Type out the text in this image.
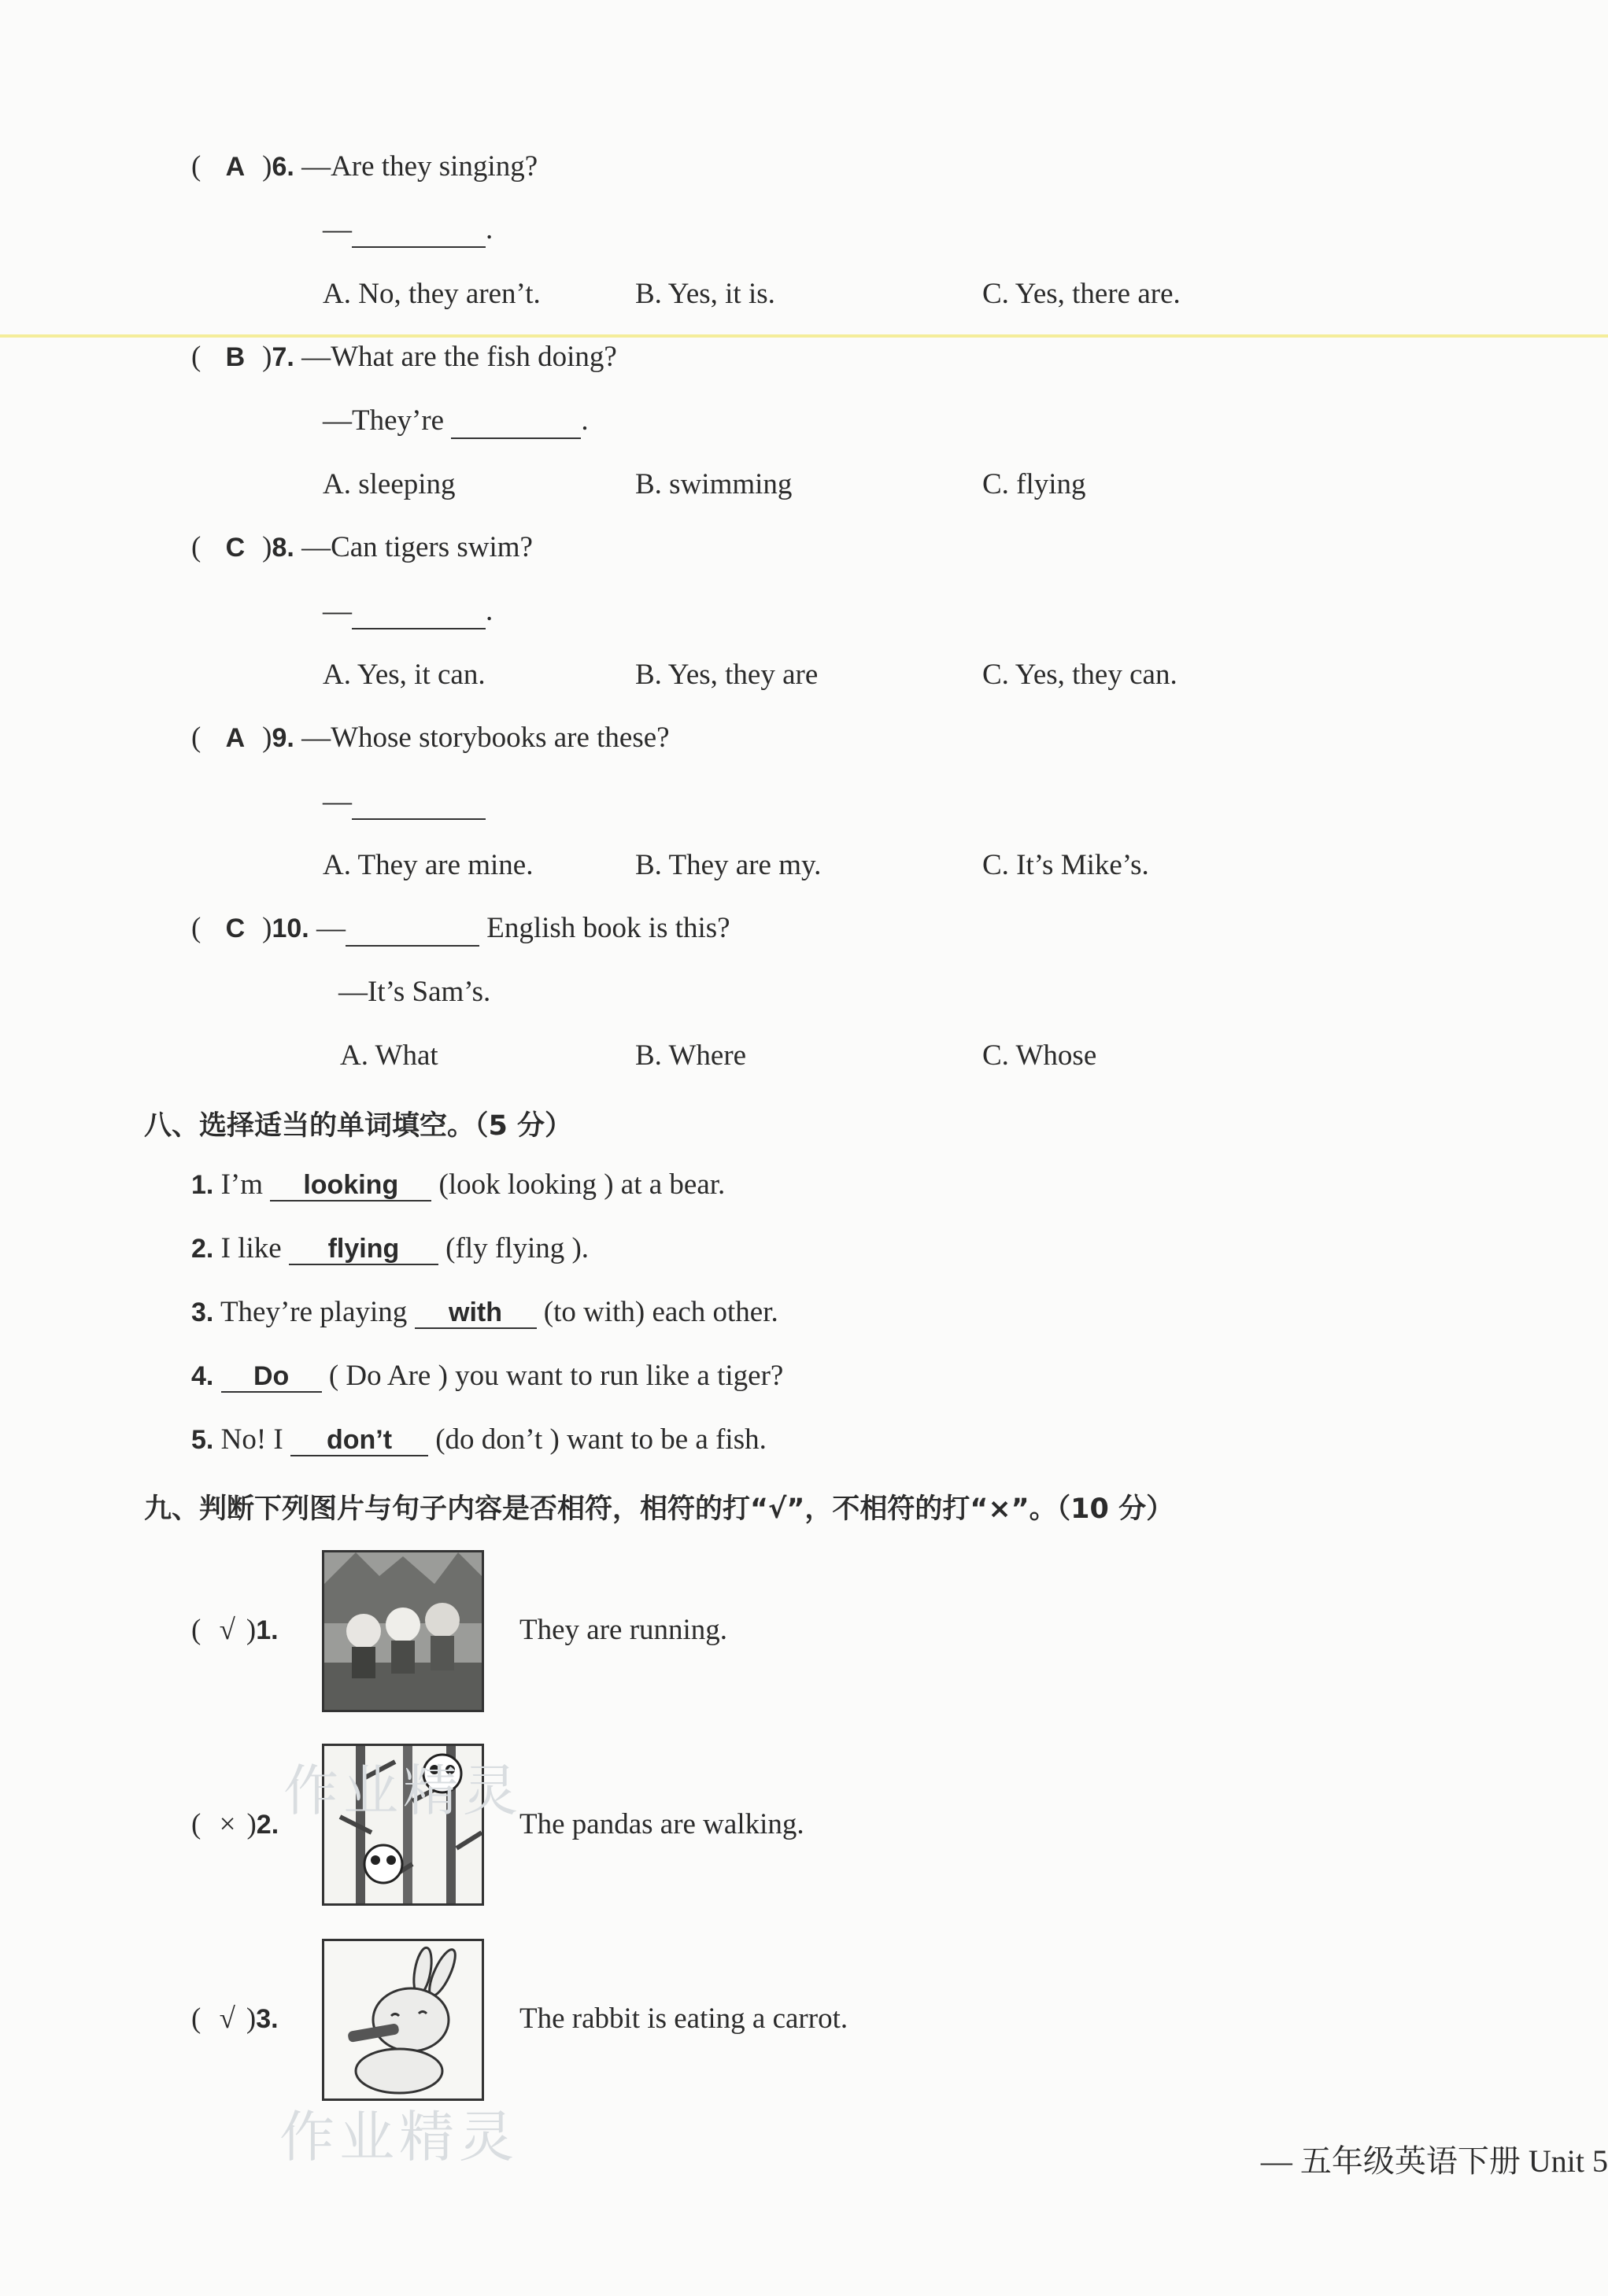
( A )6. —Are they singing?
—	.
A. No, they aren’t.	B. Yes, it is.	C. Yes, there are.
( B )7. —What are the fish doing?
—They’re	.
A. sleeping	B. swimming	C. flying
( C )8. —Can tigers swim?
—	.
A. Yes, it can.	B. Yes, they are	C. Yes, they can.
( A )9. —Whose storybooks are these?
—
A. They are mine.	B. They are my.	C. It’s Mike’s.
( C )10. —	English book is this?
—It’s Sam’s.
A. What	B. Where	C. Whose
八、选择适当的单词填空。（5 分）
1. I’m looking (look looking ) at a bear.
2. I like flying (fly flying ).
3. They’re playing with (to with) each other.
4. Do ( Do Are ) you want to run like a tiger?
5. No! I don’t (do don’t ) want to be a fish.
九、判断下列图片与句子内容是否相符，相符的打“√”，不相符的打“×”。（10 分）
( √ )1.	They are running.
( × )2.	The pandas are walking.
( √ )3.	The rabbit is eating a carrot.
作业精灵
作业精灵	— 五年级英语下册 Unit 5
